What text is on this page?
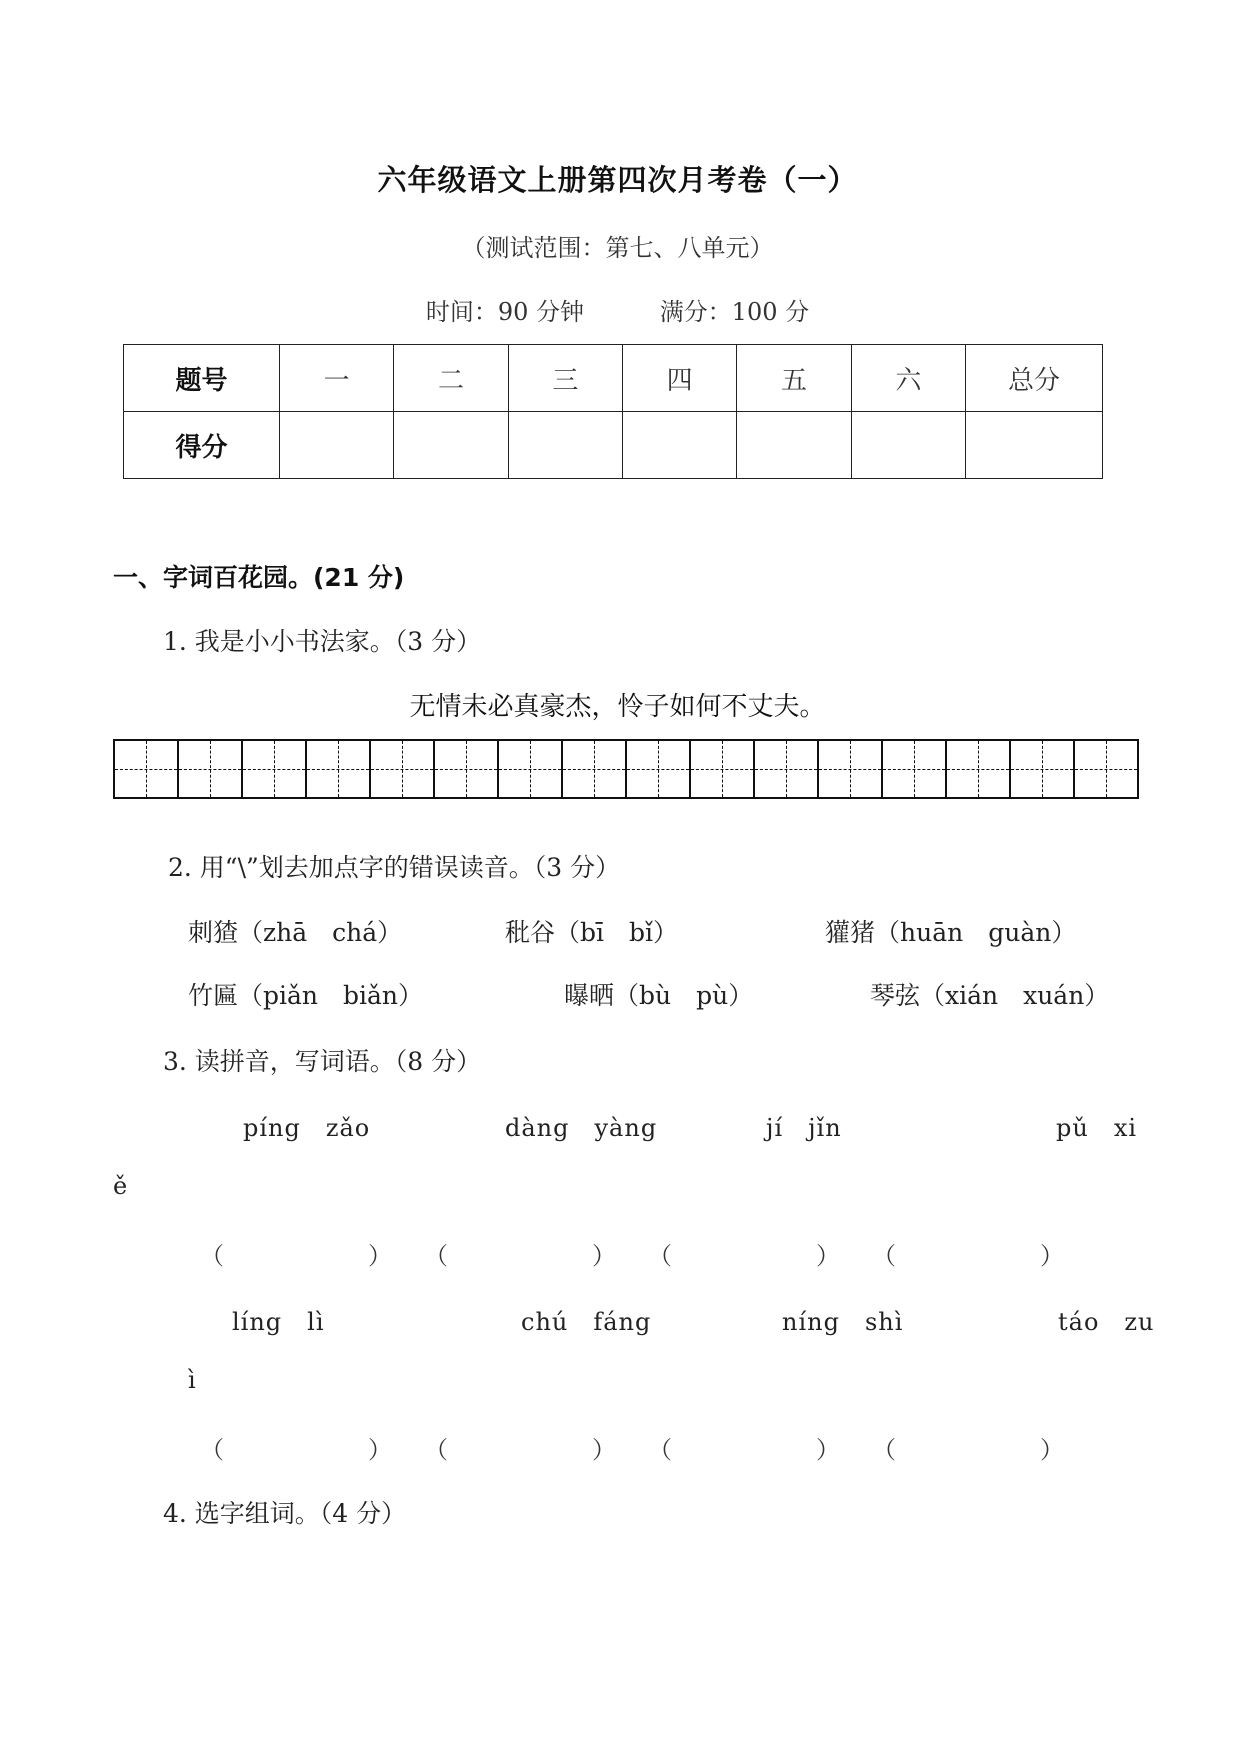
六年级语文上册第四次月考卷（一）
（测试范围：第七、八单元）
时间：90 分钟	满分：100 分
题号	一	二	三	四	五	六	总分
得分							
一、字词百花园。(21 分)
1. 我是小小书法家。（3 分）
无情未必真豪杰，怜子如何不丈夫。
2. 用“\”划去加点字的错误读音。（3 分）
刺猹（zhā　chá）	秕谷（bī　bǐ）	獾猪（huān　guàn）
竹匾（piǎn　biǎn）	曝晒（bù　pù）	琴弦（xián　xuán）
3. 读拼音，写词语。（8 分）
píng　zǎo	dàng　yàng	jí　jǐn	pǔ　xi
ě
（　　　　　　） （　　　　　　） （　　　　　　） （　　　　　　）
líng　lì	chú　fáng	níng　shì	táo　zu
ì
（　　　　　　） （　　　　　　） （　　　　　　） （　　　　　　）
4. 选字组词。（4 分）
